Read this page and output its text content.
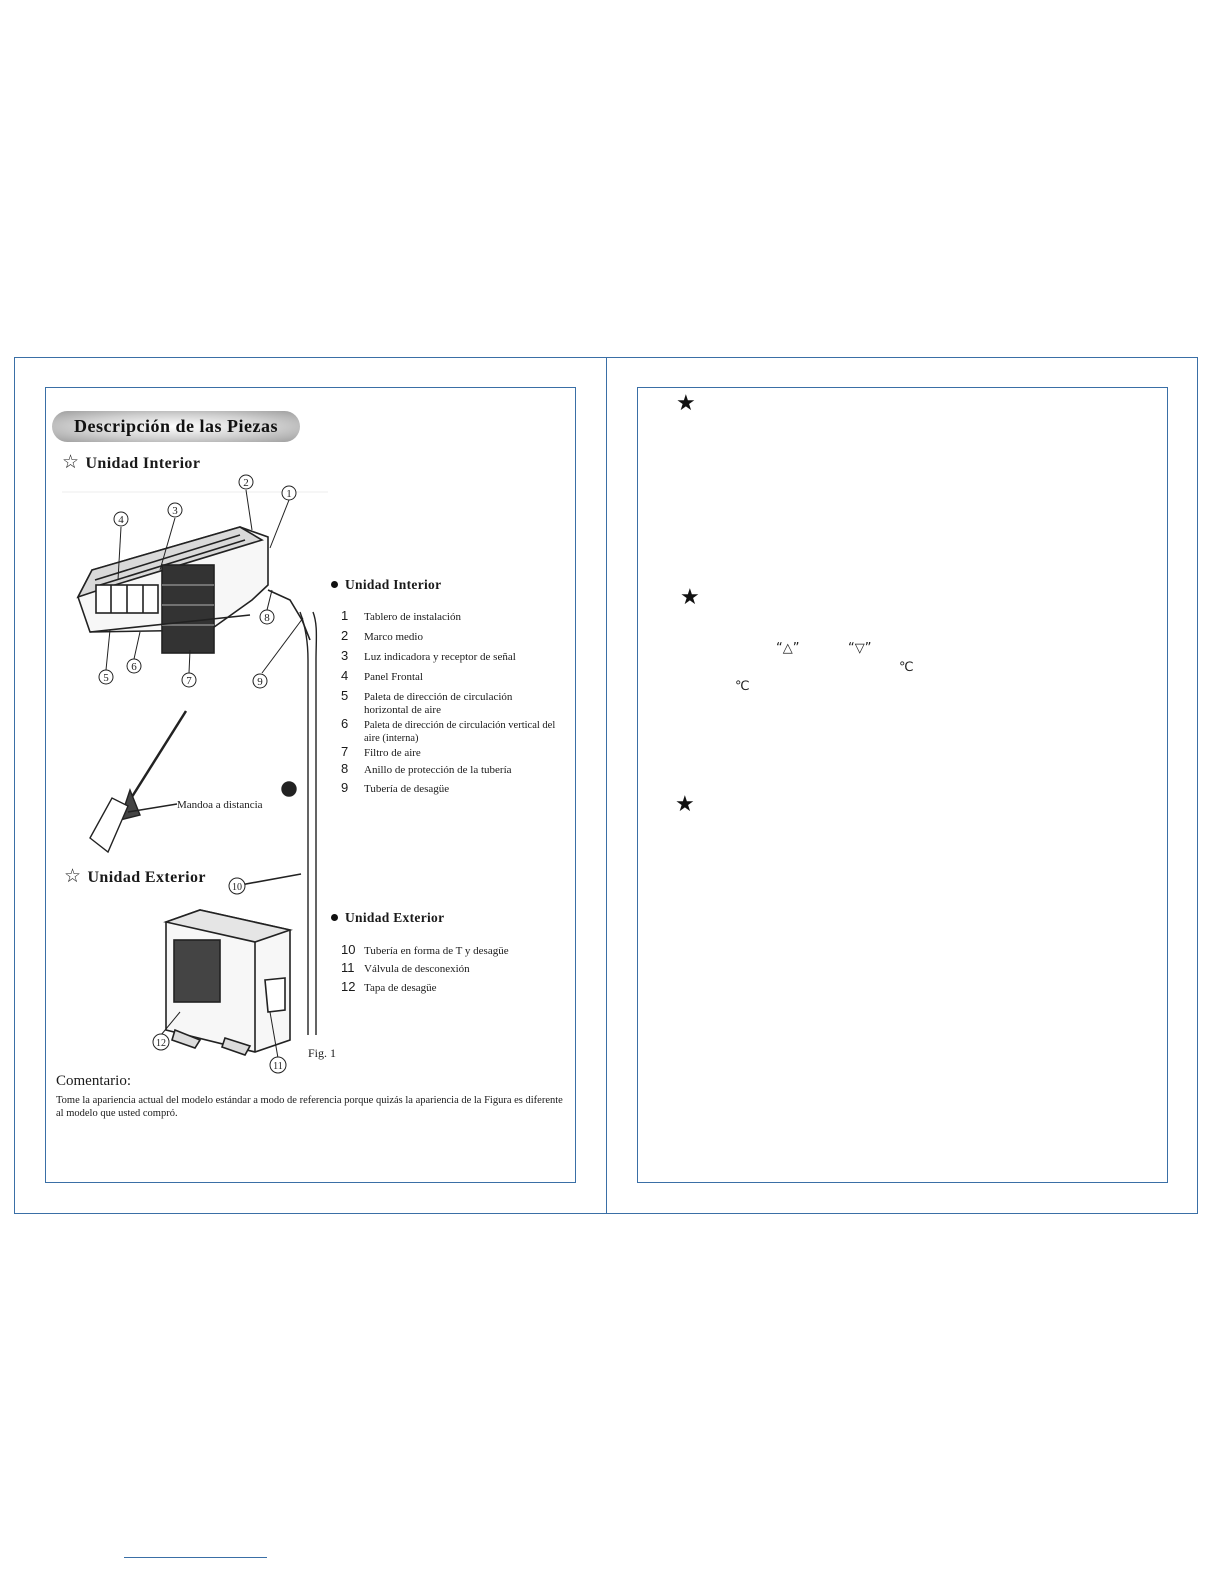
Descripción de las Piezas
☆ Unidad Interior
1
2
3
4
5
6
7
8
9
10
11
12
Mandoa a distancia
☆ Unidad Exterior
Unidad Interior
1 Tablero de instalación
2 Marco medio
3 Luz indicadora y receptor de señal
4 Panel Frontal
5 Paleta de dirección de circulación horizontal de aire
6 Paleta de dirección de circulación vertical del aire (interna)
7 Filtro de aire
8 Anillo de protección de la tubería
9 Tubería de desagüe
Unidad Exterior
10 Tubería en forma de T y desagüe
11 Válvula de desconexión
12 Tapa de desagüe
Fig. 1
Comentario:
Tome la apariencia actual del modelo estándar a modo de referencia porque quizás la apariencia de la Figura es diferente al modelo que usted compró.
★
★
★
“△”	“▽”
℃
℃
